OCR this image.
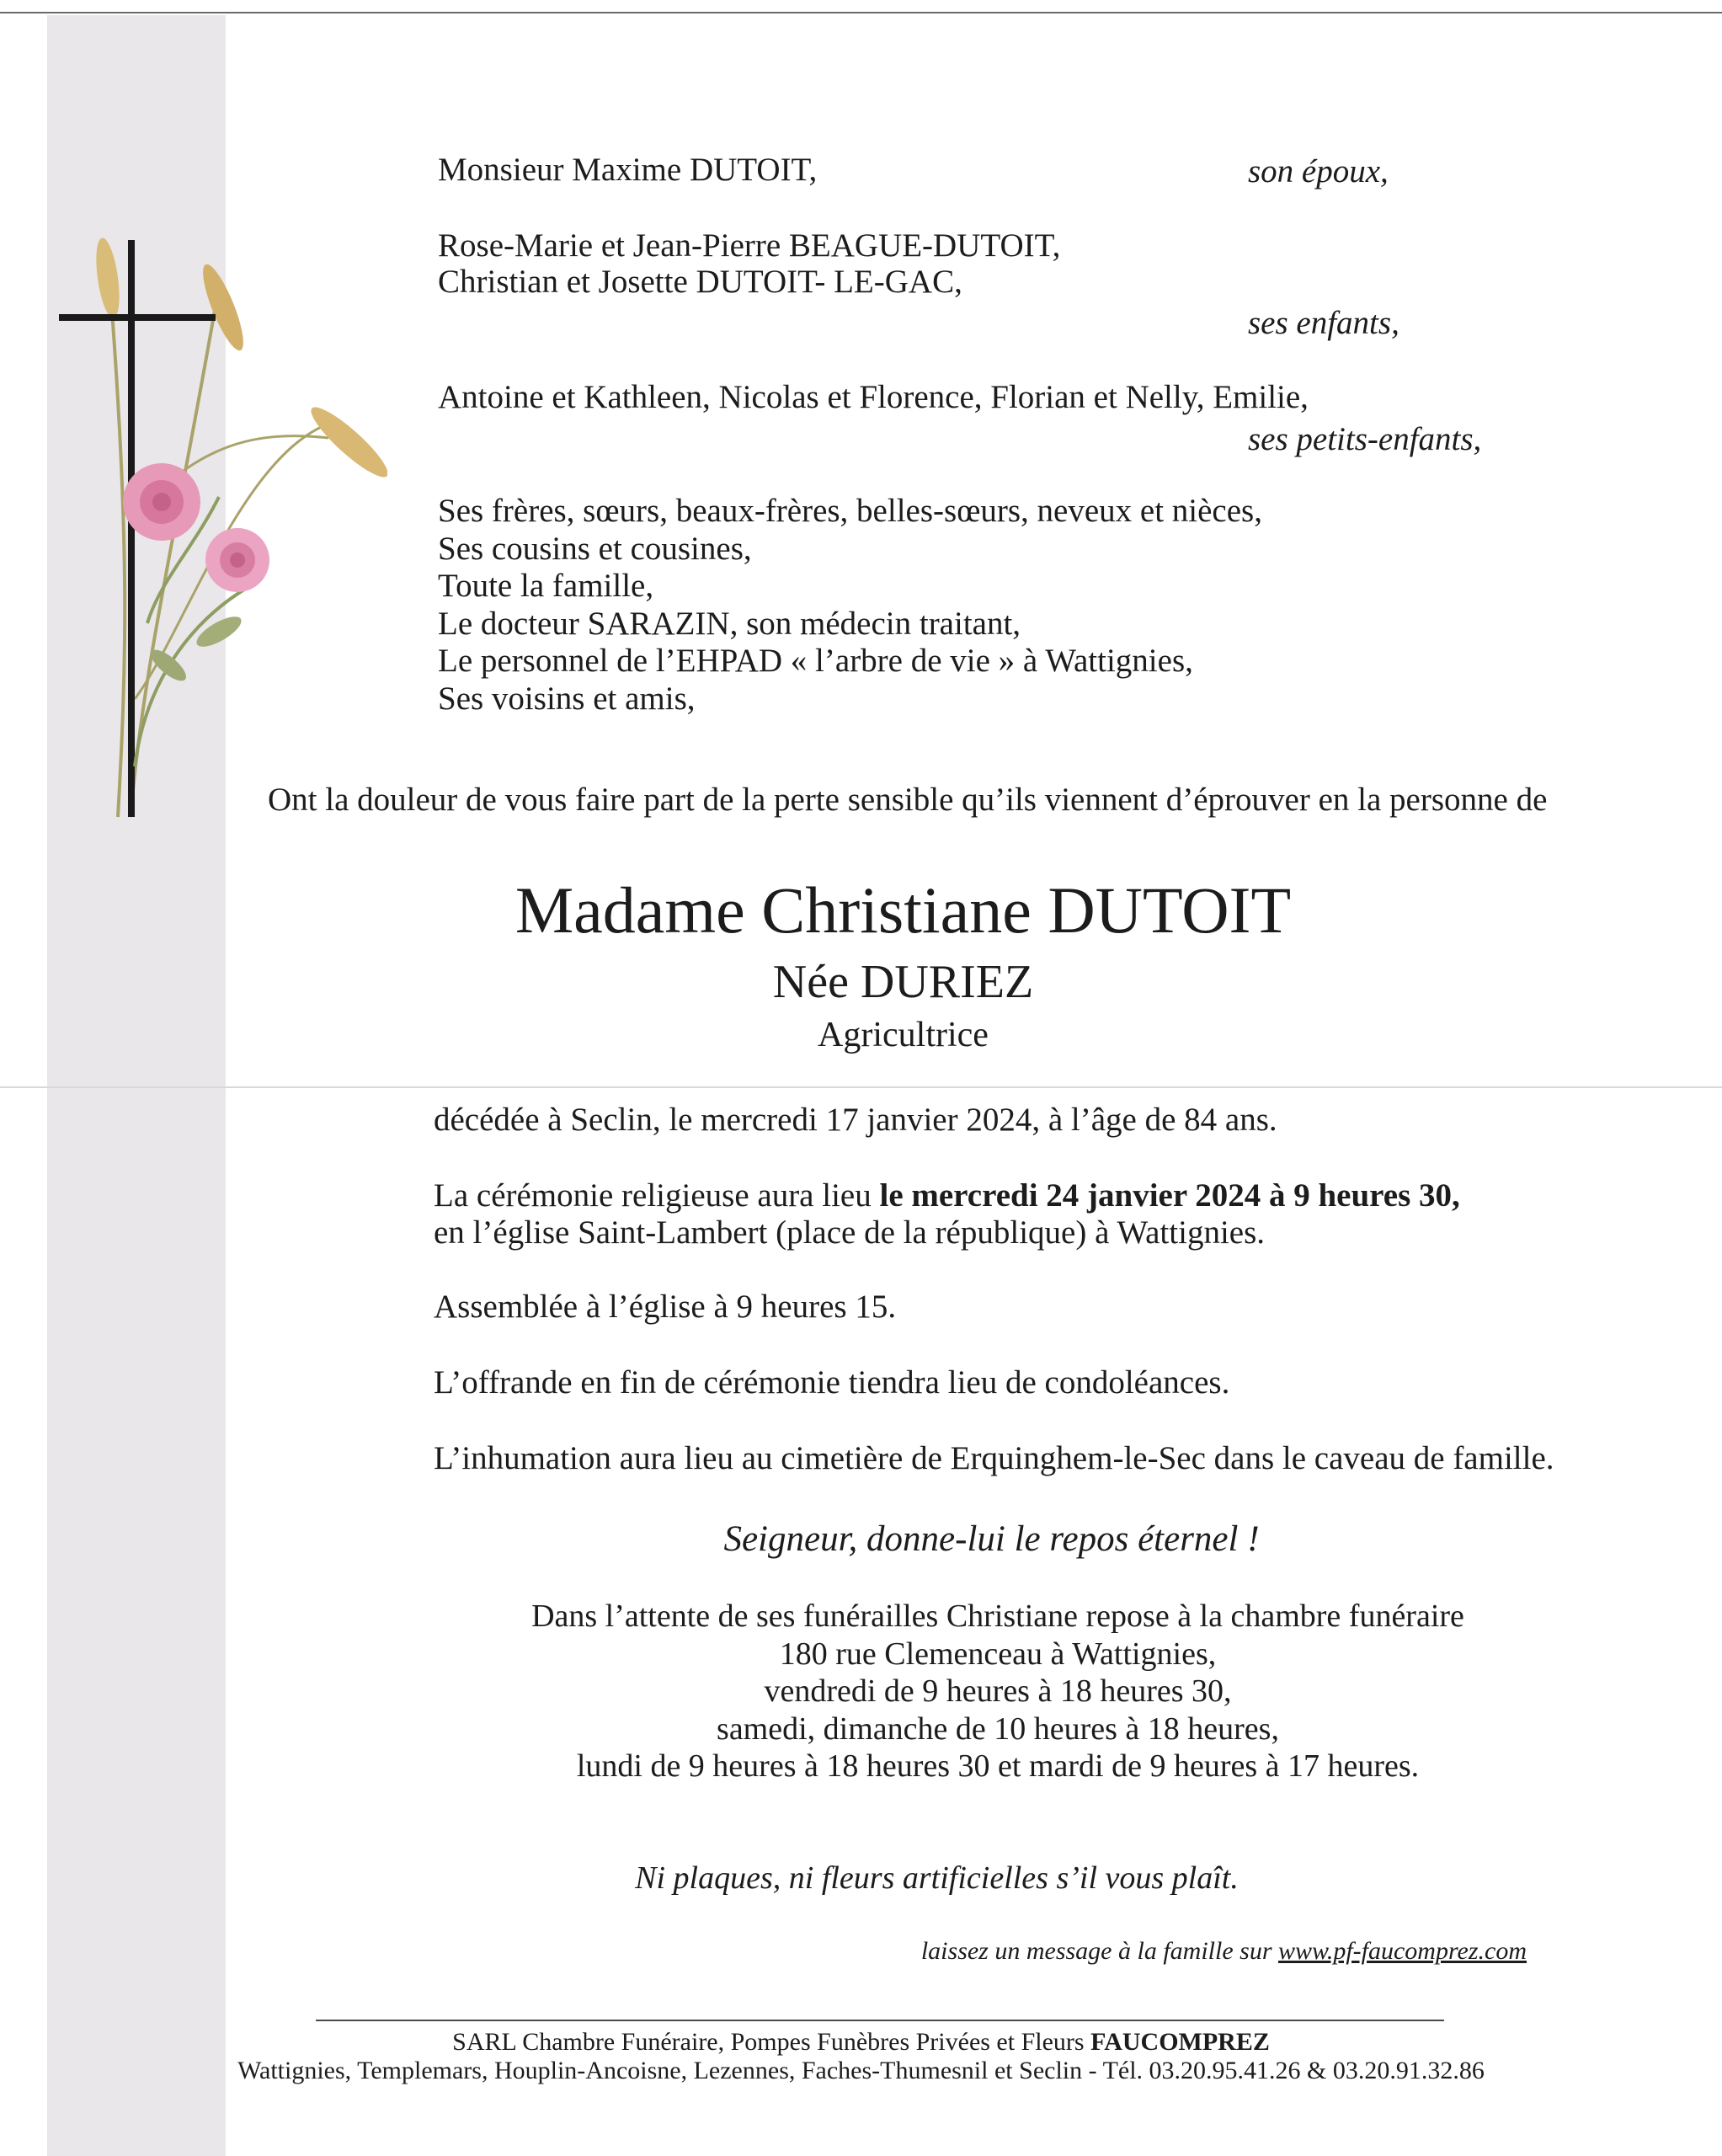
Monsieur Maxime DUTOIT,	son époux,
Rose-Marie et Jean-Pierre BEAGUE-DUTOIT,
Christian et Josette DUTOIT- LE-GAC,
ses enfants,
Antoine et Kathleen, Nicolas et Florence, Florian et Nelly, Emilie,
ses petits-enfants,
Ses frères, sœurs, beaux-frères, belles-sœurs, neveux et nièces,
Ses cousins et cousines,
Toute la famille,
Le docteur SARAZIN, son médecin traitant,
Le personnel de l’EHPAD « l’arbre de vie » à Wattignies,
Ses voisins et amis,
Ont la douleur de vous faire part de la perte sensible qu’ils viennent d’éprouver en la personne de
Madame Christiane DUTOIT
Née DURIEZ
Agricultrice
décédée à Seclin, le mercredi 17 janvier 2024, à l’âge de 84 ans.
La cérémonie religieuse aura lieu le mercredi 24 janvier 2024 à 9 heures 30,
en l’église Saint-Lambert (place de la république) à Wattignies.
Assemblée à l’église à 9 heures 15.
L’offrande en fin de cérémonie tiendra lieu de condoléances.
L’inhumation aura lieu au cimetière de Erquinghem-le-Sec dans le caveau de famille.
Seigneur, donne-lui le repos éternel !
Dans l’attente de ses funérailles Christiane repose à la chambre funéraire
180 rue Clemenceau à Wattignies,
vendredi de 9 heures à 18 heures 30,
samedi, dimanche de 10 heures à 18 heures,
lundi de 9 heures à 18 heures 30 et mardi de 9 heures à 17 heures.
Ni plaques, ni fleurs artificielles s’il vous plaît.
laissez un message à la famille sur www.pf-faucomprez.com
SARL Chambre Funéraire, Pompes Funèbres Privées et Fleurs FAUCOMPREZ
Wattignies, Templemars, Houplin-Ancoisne, Lezennes, Faches-Thumesnil et Seclin - Tél. 03.20.95.41.26 & 03.20.91.32.86
